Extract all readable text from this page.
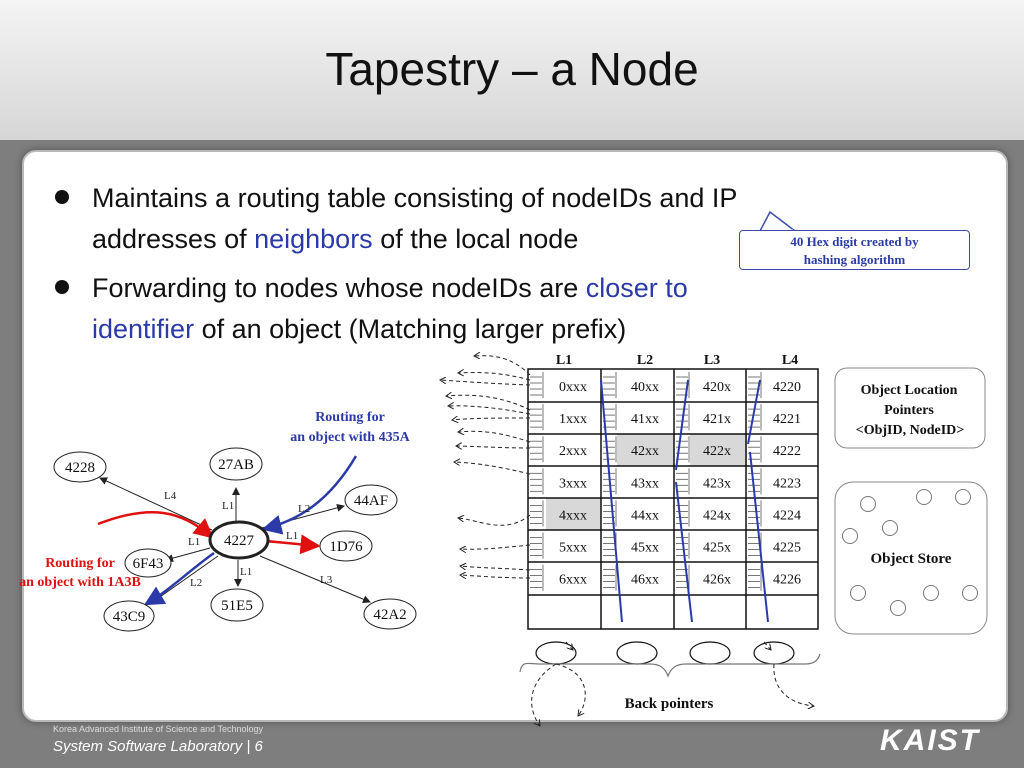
Tapestry – a Node
Maintains a routing table consisting of nodeIDs and IP
addresses of neighbors of the local node
Forwarding to nodes whose nodeIDs are closer to
identifier of an object (Matching larger prefix)
40 Hex digit created by
hashing algorithm
L4
L1	L2
L1
L1
L2
L1
L3
4228	27AB
44AF
1D76
6F43
43C9
51E5
42A2
4227
Routing for
an object with 435A
Routing for
an object with 1A3B
L1	L2	L3	L4
0xxx	40xx	420x	4220
1xxx	41xx	421x	4221
2xxx	42xx	422x	4222
3xxx	43xx	423x	4223
4xxx	44xx	424x	4224
5xxx	45xx	425x	4225
6xxx	46xx	426x	4226
Back pointers
Object Location
Pointers
<ObjID, NodeID>
Object Store
Korea Advanced Institute of Science and Technology
System Software Laboratory | 6	KAIST
